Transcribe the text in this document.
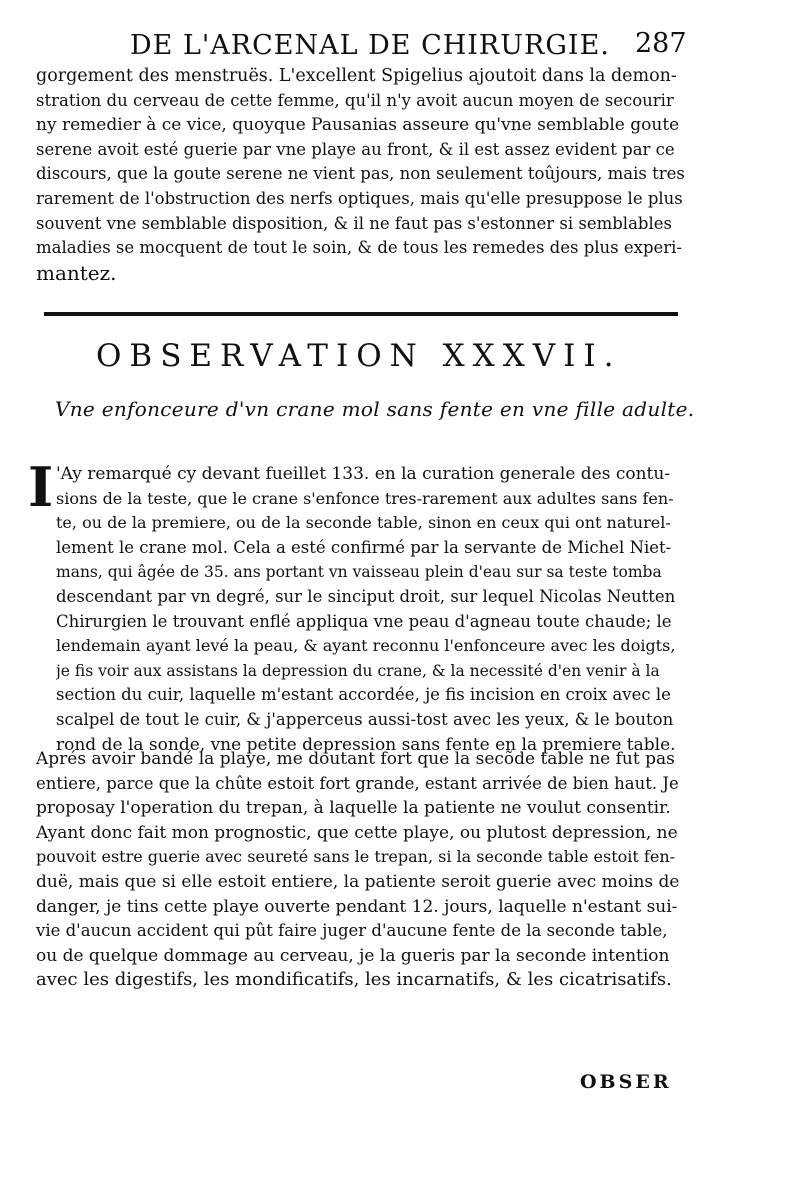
DE L'ARCENAL DE CHIRURGIE. 287
gorgement des menstruës. L'excellent Spigelius ajoutoit dans la demon-
stration du cerveau de cette femme, qu'il n'y avoit aucun moyen de secourir
ny remedier à ce vice, quoyque Pausanias asseure qu'vne semblable goute
serene avoit esté guerie par vne playe au front, & il est assez evident par ce
discours, que la goute serene ne vient pas, non seulement toûjours, mais tres
rarement de l'obstruction des nerfs optiques, mais qu'elle presuppose le plus
souvent vne semblable disposition, & il ne faut pas s'estonner si semblables
maladies se mocquent de tout le soin, & de tous les remedes des plus experi-
mantez.
OBSERVATION XXXVII.
Vne enfonceure d'vn crane mol sans fente en vne fille adulte.
I 'Ay remarqué cy devant fueillet 133. en la curation generale des contu-
sions de la teste, que le crane s'enfonce tres-rarement aux adultes sans fen-
te, ou de la premiere, ou de la seconde table, sinon en ceux qui ont naturel-
lement le crane mol. Cela a esté confirmé par la servante de Michel Niet-
mans, qui âgée de 35. ans portant vn vaisseau plein d'eau sur sa teste tomba
descendant par vn degré, sur le sinciput droit, sur lequel Nicolas Neutten
Chirurgien le trouvant enflé appliqua vne peau d'agneau toute chaude; le
lendemain ayant levé la peau, & ayant reconnu l'enfonceure avec les doigts,
je fis voir aux assistans la depression du crane, & la necessité d'en venir à la
section du cuir, laquelle m'estant accordée, je fis incision en croix avec le
scalpel de tout le cuir, & j'apperceus aussi-tost avec les yeux, & le bouton
rond de la sonde, vne petite depression sans fente en la premiere table.
Aprés avoir bandé la playe, me doutant fort que la secõde table ne fut pas
entiere, parce que la chûte estoit fort grande, estant arrivée de bien haut. Je
proposay l'operation du trepan, à laquelle la patiente ne voulut consentir.
Ayant donc fait mon prognostic, que cette playe, ou plutost depression, ne
pouvoit estre guerie avec seureté sans le trepan, si la seconde table estoit fen-
duë, mais que si elle estoit entiere, la patiente seroit guerie avec moins de
danger, je tins cette playe ouverte pendant 12. jours, laquelle n'estant sui-
vie d'aucun accident qui pût faire juger d'aucune fente de la seconde table,
ou de quelque dommage au cerveau, je la gueris par la seconde intention
avec les digestifs, les mondificatifs, les incarnatifs, & les cicatrisatifs.
OBSER
